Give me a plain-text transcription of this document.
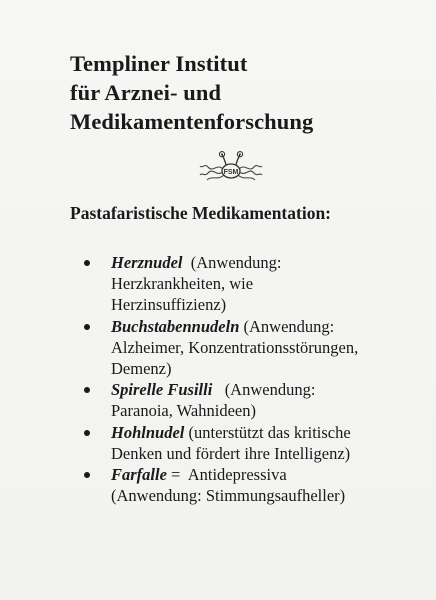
Templiner Institut
für Arznei- und
Medikamentenforschung
FSM
Pastafaristische Medikamentation:
Herznudel  (Anwendung:
Herzkrankheiten, wie
Herzinsuffizienz)
Buchstabennudeln (Anwendung:
Alzheimer, Konzentrationsstörungen,
Demenz)
Spirelle Fusilli   (Anwendung:
Paranoia, Wahnideen)
Hohlnudel (unterstützt das kritische
Denken und fördert ihre Intelligenz)
Farfalle =  Antidepressiva
(Anwendung: Stimmungsaufheller)
